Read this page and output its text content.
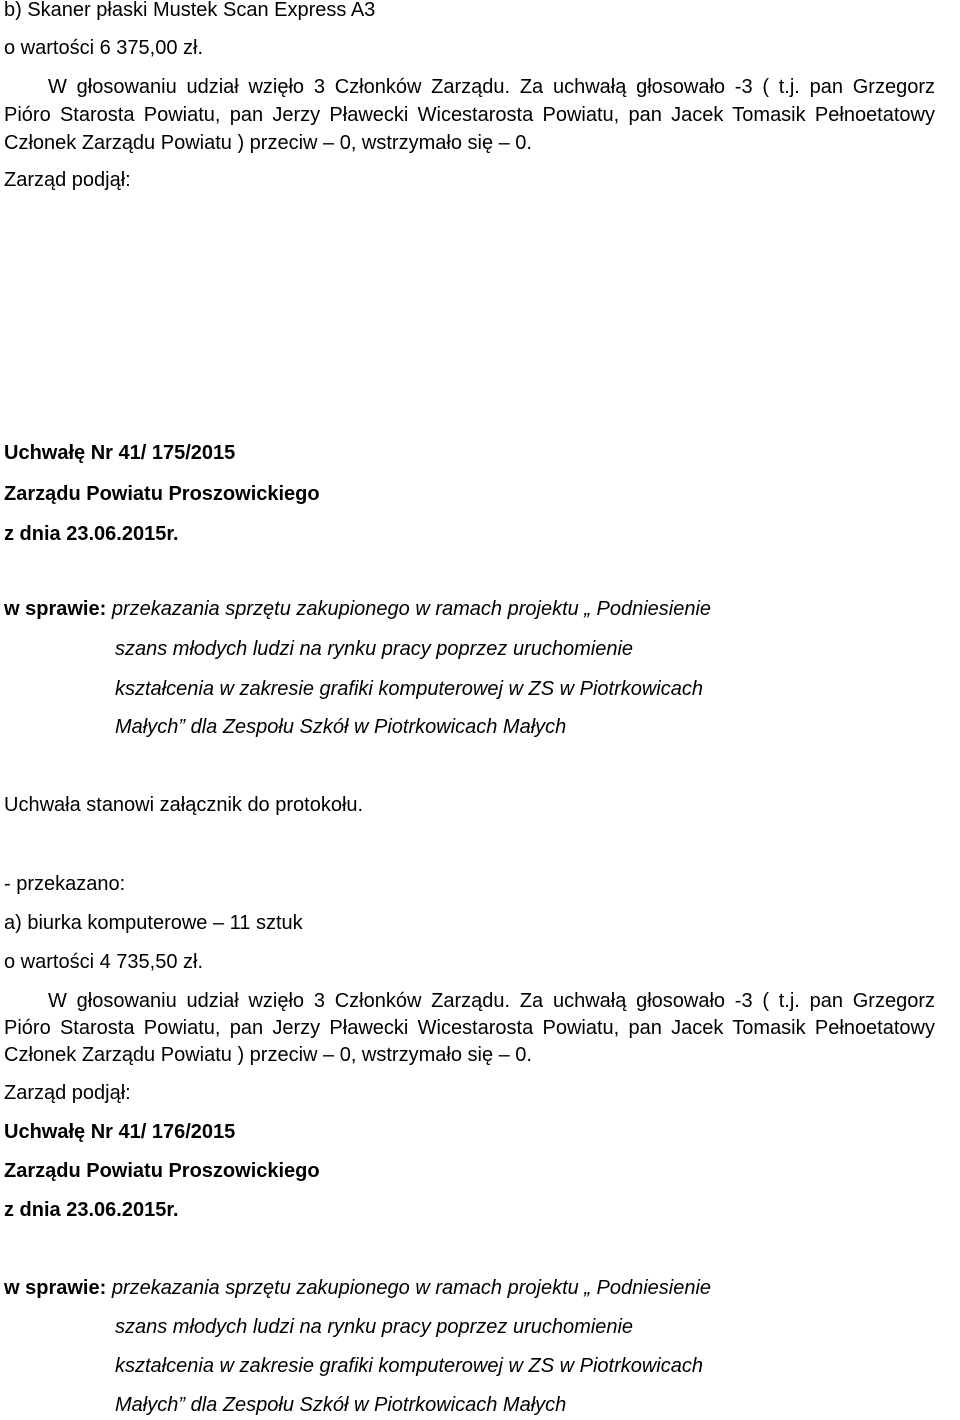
b) Skaner płaski Mustek Scan Express A3

o wartości 6 375,00 zł.

W głosowaniu udział wzięło 3 Członków Zarządu. Za uchwałą głosowało -3 ( t.j. pan Grzegorz

Pióro Starosta Powiatu, pan Jerzy Pławecki Wicestarosta Powiatu, pan Jacek Tomasik Pełnoetatowy

Członek Zarządu Powiatu ) przeciw – 0, wstrzymało się – 0.

Zarząd podjął:

Uchwałę Nr 41/ 175/2015

Zarządu Powiatu Proszowickiego

z dnia 23.06.2015r.

w sprawie: przekazania sprzętu zakupionego w ramach projektu „ Podniesienie

szans młodych ludzi na rynku pracy poprzez uruchomienie

kształcenia w zakresie grafiki komputerowej w ZS w Piotrkowicach

Małych” dla Zespołu Szkół w Piotrkowicach Małych

Uchwała stanowi załącznik do protokołu.

- przekazano:

a) biurka komputerowe – 11 sztuk

o wartości 4 735,50 zł.

W głosowaniu udział wzięło 3 Członków Zarządu. Za uchwałą głosowało -3 ( t.j. pan Grzegorz

Pióro Starosta Powiatu, pan Jerzy Pławecki Wicestarosta Powiatu, pan Jacek Tomasik Pełnoetatowy

Członek Zarządu Powiatu ) przeciw – 0, wstrzymało się – 0.

Zarząd podjął:

Uchwałę Nr 41/ 176/2015

Zarządu Powiatu Proszowickiego

z dnia 23.06.2015r.

w sprawie: przekazania sprzętu zakupionego w ramach projektu „ Podniesienie

szans młodych ludzi na rynku pracy poprzez uruchomienie

kształcenia w zakresie grafiki komputerowej w ZS w Piotrkowicach

Małych” dla Zespołu Szkół w Piotrkowicach Małych
